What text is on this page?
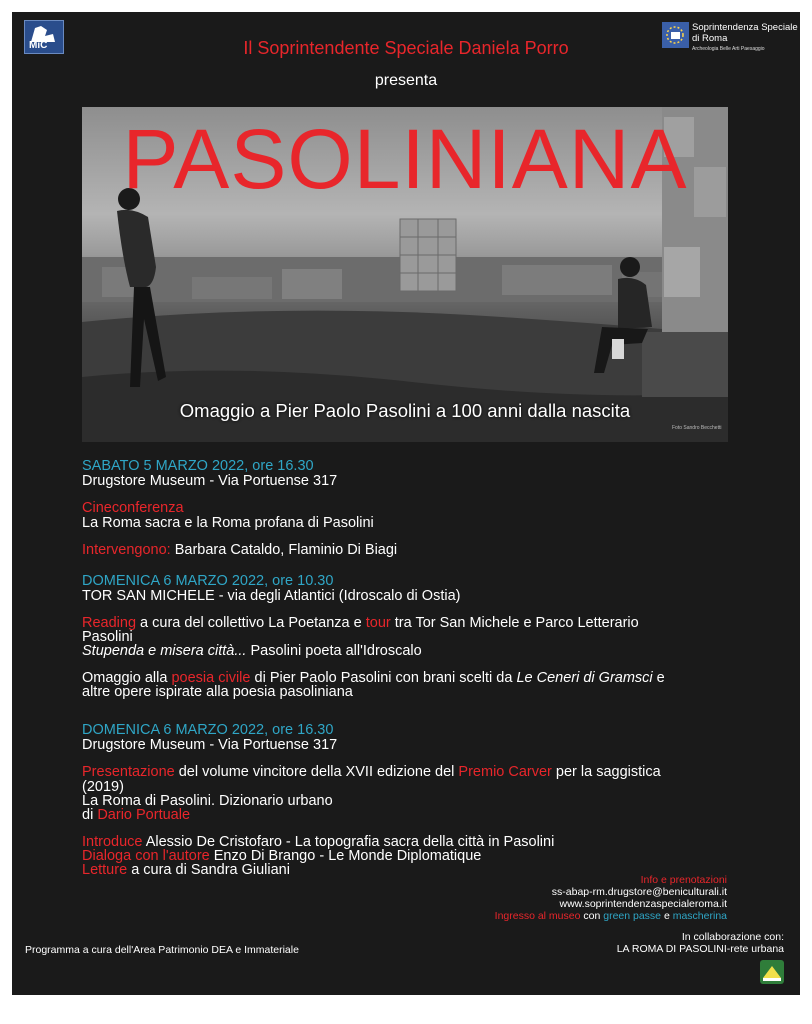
MiC
Soprintendenza Speciale
di Roma
Archeologia Belle Arti Paesaggio
Il Soprintendente Speciale Daniela Porro
presenta
PASOLINIANA
Omaggio a Pier Paolo Pasolini a 100 anni dalla nascita
Foto Sandro Becchetti
SABATO 5 MARZO 2022, ore 16.30
Drugstore Museum - Via Portuense 317
Cineconferenza
La Roma sacra e la Roma profana di Pasolini
Intervengono: Barbara Cataldo, Flaminio Di Biagi
DOMENICA 6 MARZO 2022, ore 10.30
TOR SAN MICHELE - via degli Atlantici (Idroscalo di Ostia)
Reading a cura del collettivo La Poetanza e tour tra Tor San Michele e Parco Letterario
Pasolini
Stupenda e misera città... Pasolini poeta all'Idroscalo
Omaggio alla poesia civile di Pier Paolo Pasolini con brani scelti da Le Ceneri di Gramsci e
altre opere ispirate alla poesia pasoliniana
DOMENICA 6 MARZO 2022, ore 16.30
Drugstore Museum - Via Portuense 317
Presentazione del volume vincitore della XVII edizione del Premio Carver per la saggistica
(2019)
La Roma di Pasolini. Dizionario urbano
di Dario Portuale
Introduce Alessio De Cristofaro - La topografia sacra della città in Pasolini
Dialoga con l'autore Enzo Di Brango - Le Monde Diplomatique
Letture a cura di Sandra Giuliani
Info e prenotazioni
ss-abap-rm.drugstore@beniculturali.it
www.soprintendenzaspecialeroma.it
Ingresso al museo con green passe e mascherina
Programma a cura dell'Area Patrimonio DEA e Immateriale
In collaborazione con:
LA ROMA DI PASOLINI-rete urbana
